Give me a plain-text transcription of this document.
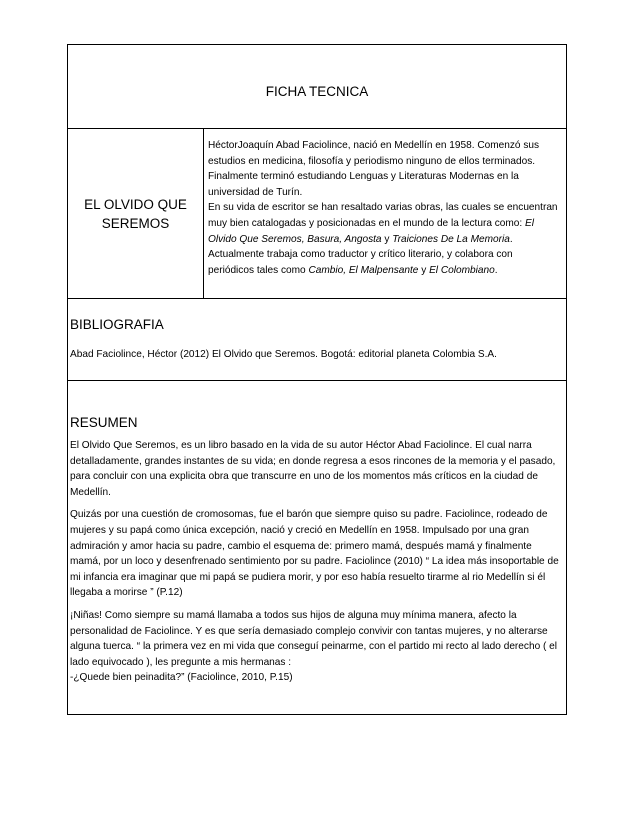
FICHA TECNICA
EL OLVIDO QUE SEREMOS

HéctorJoaquín Abad Faciolince, nació en Medellín en 1958. Comenzó sus estudios en medicina, filosofía y periodismo ninguno de ellos terminados. Finalmente terminó estudiando Lenguas y Literaturas Modernas en la universidad de Turín.

En su vida de escritor se han resaltado varias obras, las cuales se encuentran muy bien catalogadas y posicionadas en el mundo de la lectura como: El Olvido Que Seremos, Basura, Angosta y Traiciones De La Memoria. Actualmente trabaja como traductor y crítico literario, y colabora con periódicos tales como Cambio, El Malpensante y El Colombiano.

BIBLIOGRAFIA
Abad Faciolince, Héctor (2012) El Olvido que Seremos. Bogotá: editorial planeta Colombia S.A.
RESUMEN

El Olvido Que Seremos, es un libro basado en la vida de su autor Héctor Abad Faciolince. El cual narra detalladamente, grandes instantes de su vida; en donde regresa a esos rincones de la memoria y el pasado, para concluir con una explicita obra que transcurre en uno de los momentos más críticos en la ciudad de Medellín.

Quizás por una cuestión de cromosomas, fue el barón que siempre quiso su padre. Faciolince, rodeado de mujeres y su papá como única excepción, nació y creció en Medellín en 1958. Impulsado por una gran admiración y amor hacia su padre, cambio el esquema de: primero mamá, después mamá y finalmente mamá, por un loco y desenfrenado sentimiento por su padre. Faciolince (2010) “ La idea más insoportable de mi infancia era imaginar que mi papá se pudiera morir, y por eso había resuelto tirarme al rio Medellín si él llegaba a morirse ” (P.12)

¡Niñas! Como siempre su mamá llamaba a todos sus hijos de alguna muy mínima manera, afecto la personalidad de Faciolince. Y es que sería demasiado complejo convivir con tantas mujeres, y no alterarse alguna tuerca. “ la primera vez en mi vida que conseguí peinarme, con el partido mi recto al lado derecho ( el lado equivocado ), les pregunte a mis hermanas :

-¿Quede bien peinadita?” (Faciolince, 2010, P.15)
